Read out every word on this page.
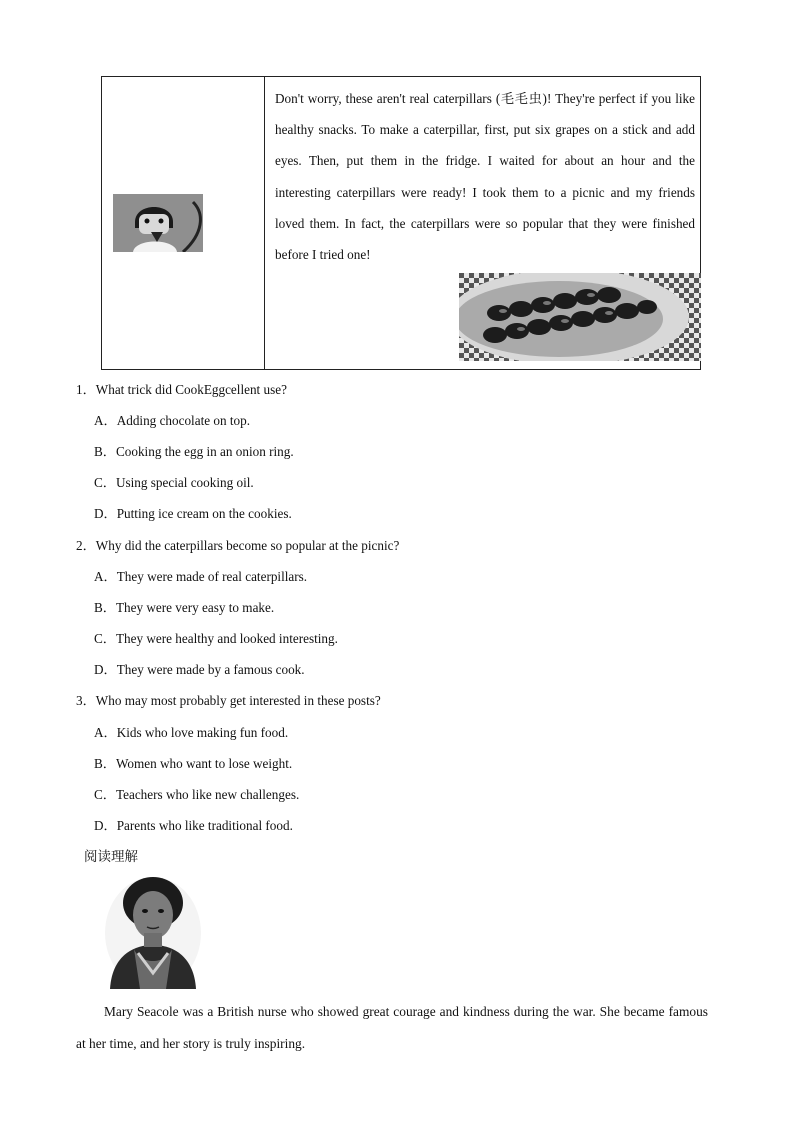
Don't worry, these aren't real caterpillars (毛毛虫)! They're perfect if you like healthy snacks. To make a caterpillar, first, put six grapes on a stick and add eyes. Then, put them in the fridge. I waited for about an hour and the interesting caterpillars were ready! I took them to a picnic and my friends loved them. In fact, the caterpillars were so popular that they were finished before I tried one!
1．What trick did CookEggcellent use?
A．Adding chocolate on top.
B．Cooking the egg in an onion ring.
C．Using special cooking oil.
D．Putting ice cream on the cookies.
2．Why did the caterpillars become so popular at the picnic?
A．They were made of real caterpillars.
B．They were very easy to make.
C．They were healthy and looked interesting.
D．They were made by a famous cook.
3．Who may most probably get interested in these posts?
A．Kids who love making fun food.
B．Women who want to lose weight.
C．Teachers who like new challenges.
D．Parents who like traditional food.
阅读理解
Mary Seacole was a British nurse who showed great courage and kindness during the war. She became famous at her time, and her story is truly inspiring.
